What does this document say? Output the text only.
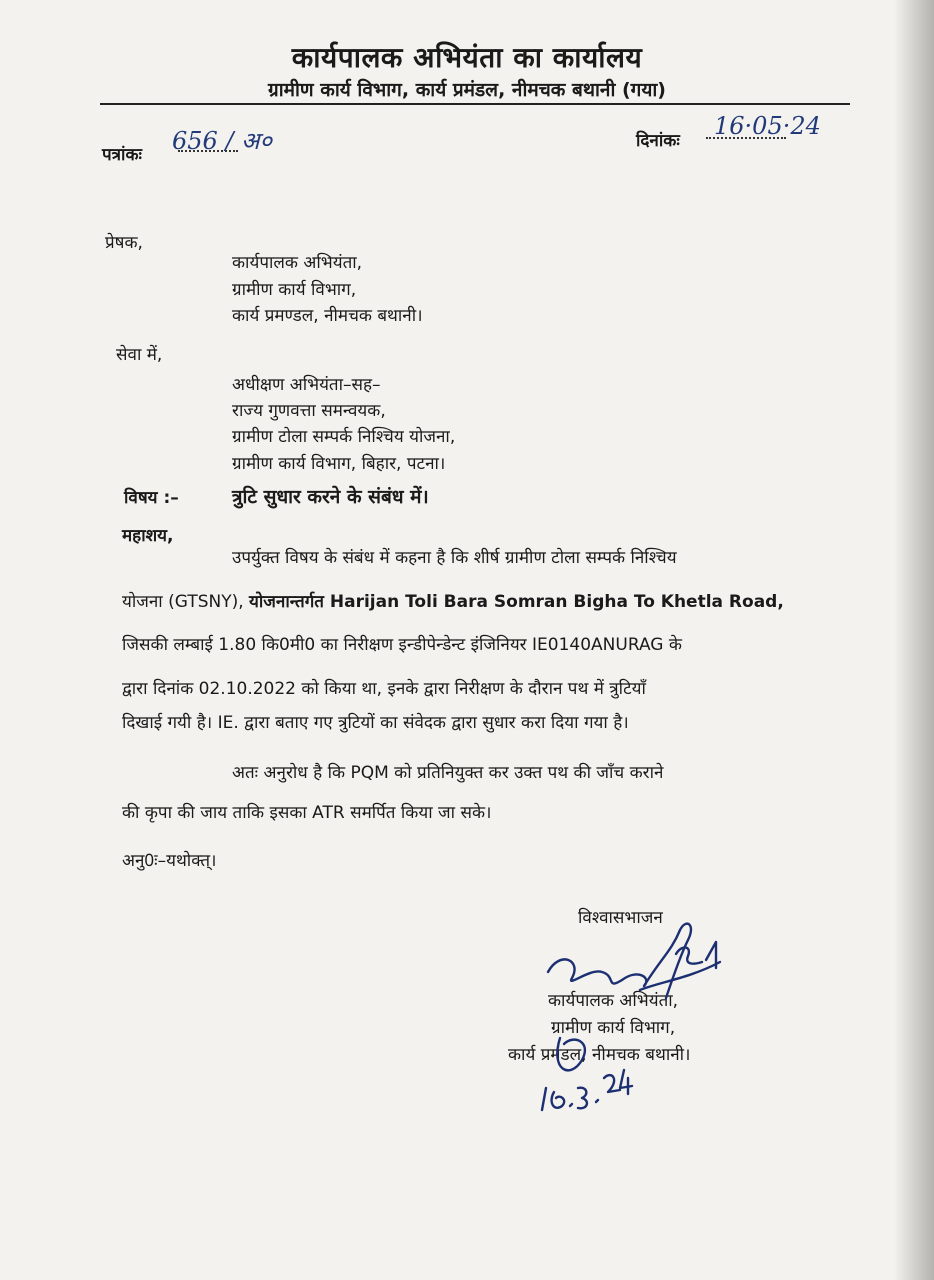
कार्यपालक अभियंता का कार्यालय
ग्रामीण कार्य विभाग, कार्य प्रमंडल, नीमचक बथानी (गया)
पत्रांकः 656 / अ०	दिनांकः
16·05·24
प्रेषक,
कार्यपालक अभियंता,
ग्रामीण कार्य विभाग,
कार्य प्रमण्डल, नीमचक बथानी।
सेवा में,
अधीक्षण अभियंता–सह–
राज्य गुणवत्ता समन्वयक,
ग्रामीण टोला सम्पर्क निश्चिय योजना,
ग्रामीण कार्य विभाग, बिहार, पटना।
विषय :–	त्रुटि सुधार करने के संबंध में।
महाशय,
उपर्युक्त विषय के संबंध में कहना है कि शीर्ष ग्रामीण टोला सम्पर्क निश्चिय
योजना (GTSNY), योजनान्तर्गत Harijan Toli Bara Somran Bigha To Khetla Road,
जिसकी लम्बाई 1.80 कि0मी0 का निरीक्षण इन्डीपेन्डेन्ट इंजिनियर IE0140ANURAG के
द्वारा दिनांक 02.10.2022 को किया था, इनके द्वारा निरीक्षण के दौरान पथ में त्रुटियाँ
दिखाई गयी है। IE. द्वारा बताए गए त्रुटियों का संवेदक द्वारा सुधार करा दिया गया है।
अतः अनुरोध है कि PQM को प्रतिनियुक्त कर उक्त पथ की जाँच कराने
की कृपा की जाय ताकि इसका ATR समर्पित किया जा सके।
अनु0ः–यथोक्त्।
विश्वासभाजन
कार्यपालक अभियंता,
ग्रामीण कार्य विभाग,
कार्य प्रमंडल, नीमचक बथानी।
